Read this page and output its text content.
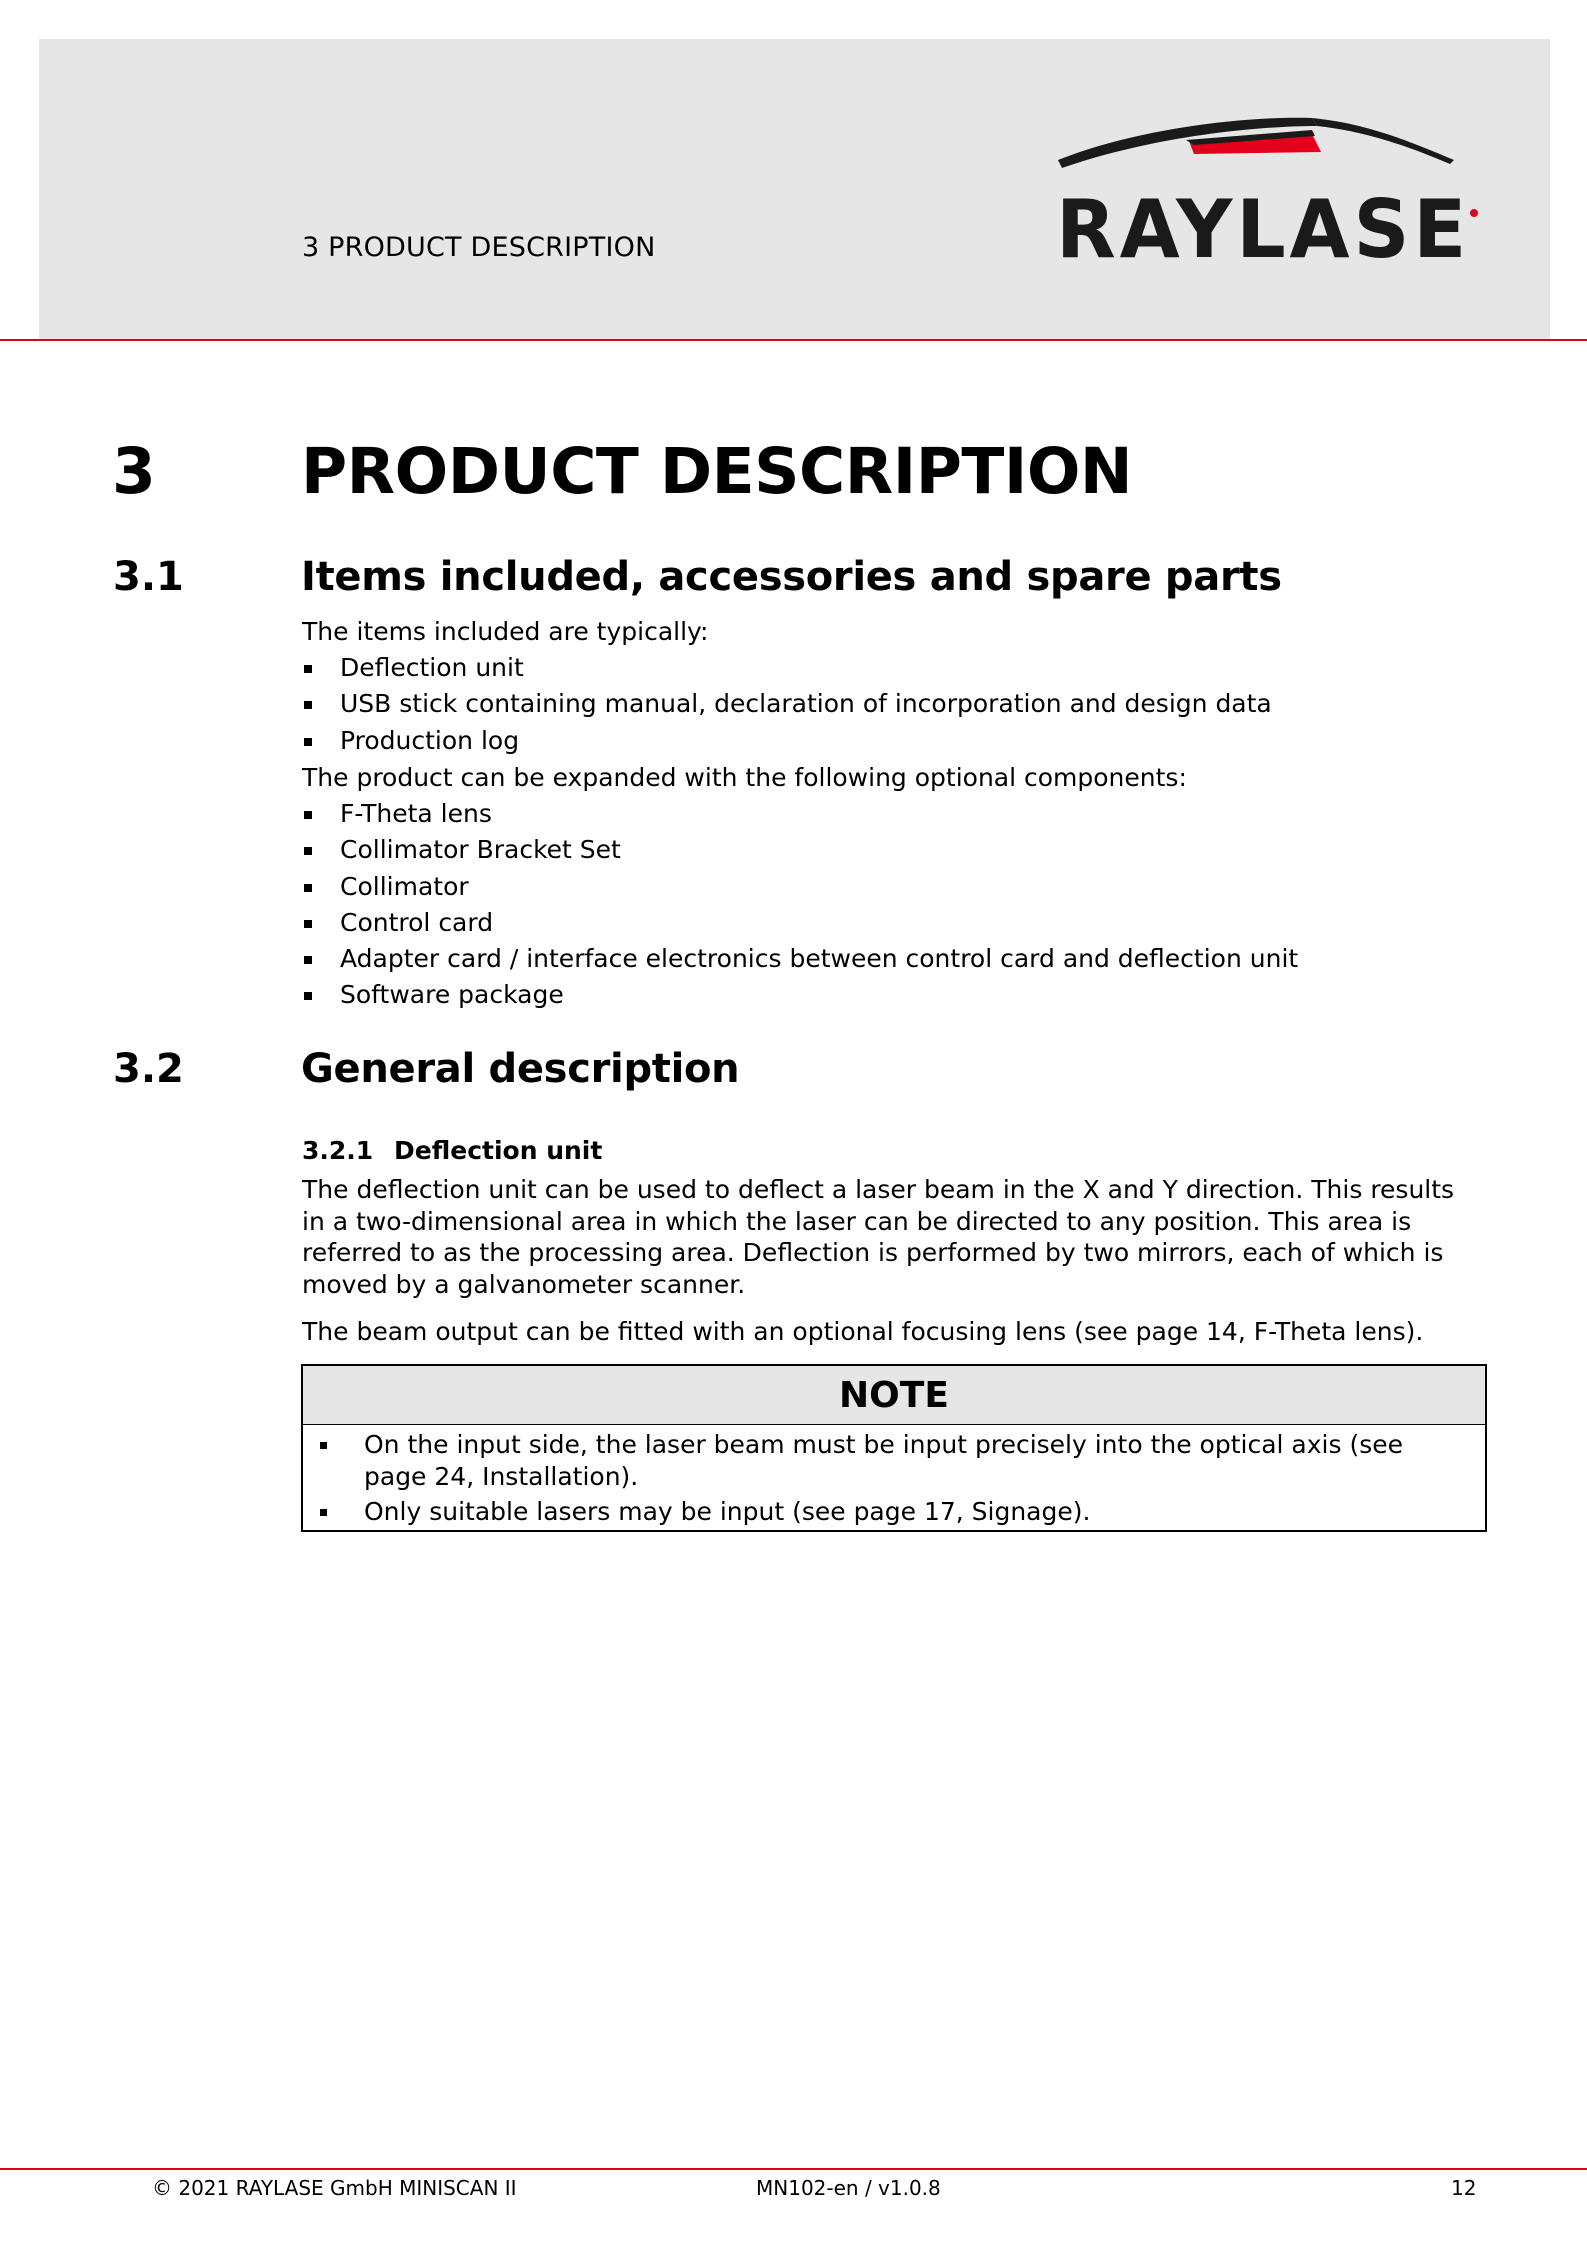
3 PRODUCT DESCRIPTION	RAYLASE
3 PRODUCT DESCRIPTION
3.1	Items included, accessories and spare parts
The items included are typically:
Deflection unit
USB stick containing manual, declaration of incorporation and design data
Production log
The product can be expanded with the following optional components:
F-Theta lens
Collimator Bracket Set
Collimator
Control card
Adapter card / interface electronics between control card and deflection unit
Software package
3.2	General description
3.2.1 Deflection unit
The deflection unit can be used to deflect a laser beam in the X and Y direction. This results in a two-dimensional area in which the laser can be directed to any position. This area is referred to as the processing area. Deflection is performed by two mirrors, each of which is moved by a galvanometer scanner.
The beam output can be fitted with an optional focusing lens (see page 14, F-Theta lens).
NOTE
On the input side, the laser beam must be input precisely into the optical axis (see page 24, Installation).
Only suitable lasers may be input (see page 17, Signage).
© 2021 RAYLASE GmbH MINISCAN II	MN102-en / v1.0.8	12
